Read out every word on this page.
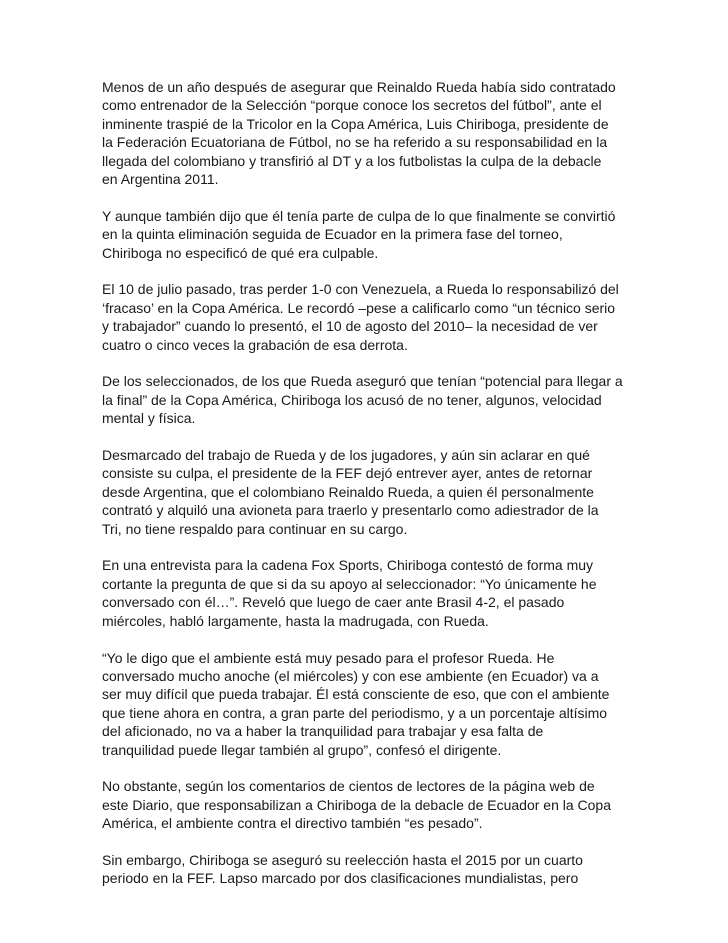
Menos de un año después de asegurar que Reinaldo Rueda había sido contratado
como entrenador de la Selección “porque conoce los secretos del fútbol”, ante el
inminente traspié de la Tricolor en la Copa América, Luis Chiriboga, presidente de
la Federación Ecuatoriana de Fútbol, no se ha referido a su responsabilidad en la
llegada del colombiano y transfirió al DT y a los futbolistas la culpa de la debacle
en Argentina 2011.

Y aunque también dijo que él tenía parte de culpa de lo que finalmente se convirtió
en la quinta eliminación seguida de Ecuador en la primera fase del torneo,
Chiriboga no especificó de qué era culpable.

El 10 de julio pasado, tras perder 1-0 con Venezuela, a Rueda lo responsabilizó del
‘fracaso’ en la Copa América. Le recordó –pese a calificarlo como “un técnico serio
y trabajador” cuando lo presentó, el 10 de agosto del 2010– la necesidad de ver
cuatro o cinco veces la grabación de esa derrota.

De los seleccionados, de los que Rueda aseguró que tenían “potencial para llegar a
la final” de la Copa América, Chiriboga los acusó de no tener, algunos, velocidad
mental y física.

Desmarcado del trabajo de Rueda y de los jugadores, y aún sin aclarar en qué
consiste su culpa, el presidente de la FEF dejó entrever ayer, antes de retornar
desde Argentina, que el colombiano Reinaldo Rueda, a quien él personalmente
contrató y alquiló una avioneta para traerlo y presentarlo como adiestrador de la
Tri, no tiene respaldo para continuar en su cargo.

En una entrevista para la cadena Fox Sports, Chiriboga contestó de forma muy
cortante la pregunta de que si da su apoyo al seleccionador: “Yo únicamente he
conversado con él…”. Reveló que luego de caer ante Brasil 4-2, el pasado
miércoles, habló largamente, hasta la madrugada, con Rueda.

“Yo le digo que el ambiente está muy pesado para el profesor Rueda. He
conversado mucho anoche (el miércoles) y con ese ambiente (en Ecuador) va a
ser muy difícil que pueda trabajar. Él está consciente de eso, que con el ambiente
que tiene ahora en contra, a gran parte del periodismo, y a un porcentaje altísimo
del aficionado, no va a haber la tranquilidad para trabajar y esa falta de
tranquilidad puede llegar también al grupo”, confesó el dirigente.

No obstante, según los comentarios de cientos de lectores de la página web de
este Diario, que responsabilizan a Chiriboga de la debacle de Ecuador en la Copa
América, el ambiente contra el directivo también “es pesado”.

Sin embargo, Chiriboga se aseguró su reelección hasta el 2015 por un cuarto
periodo en la FEF. Lapso marcado por dos clasificaciones mundialistas, pero
